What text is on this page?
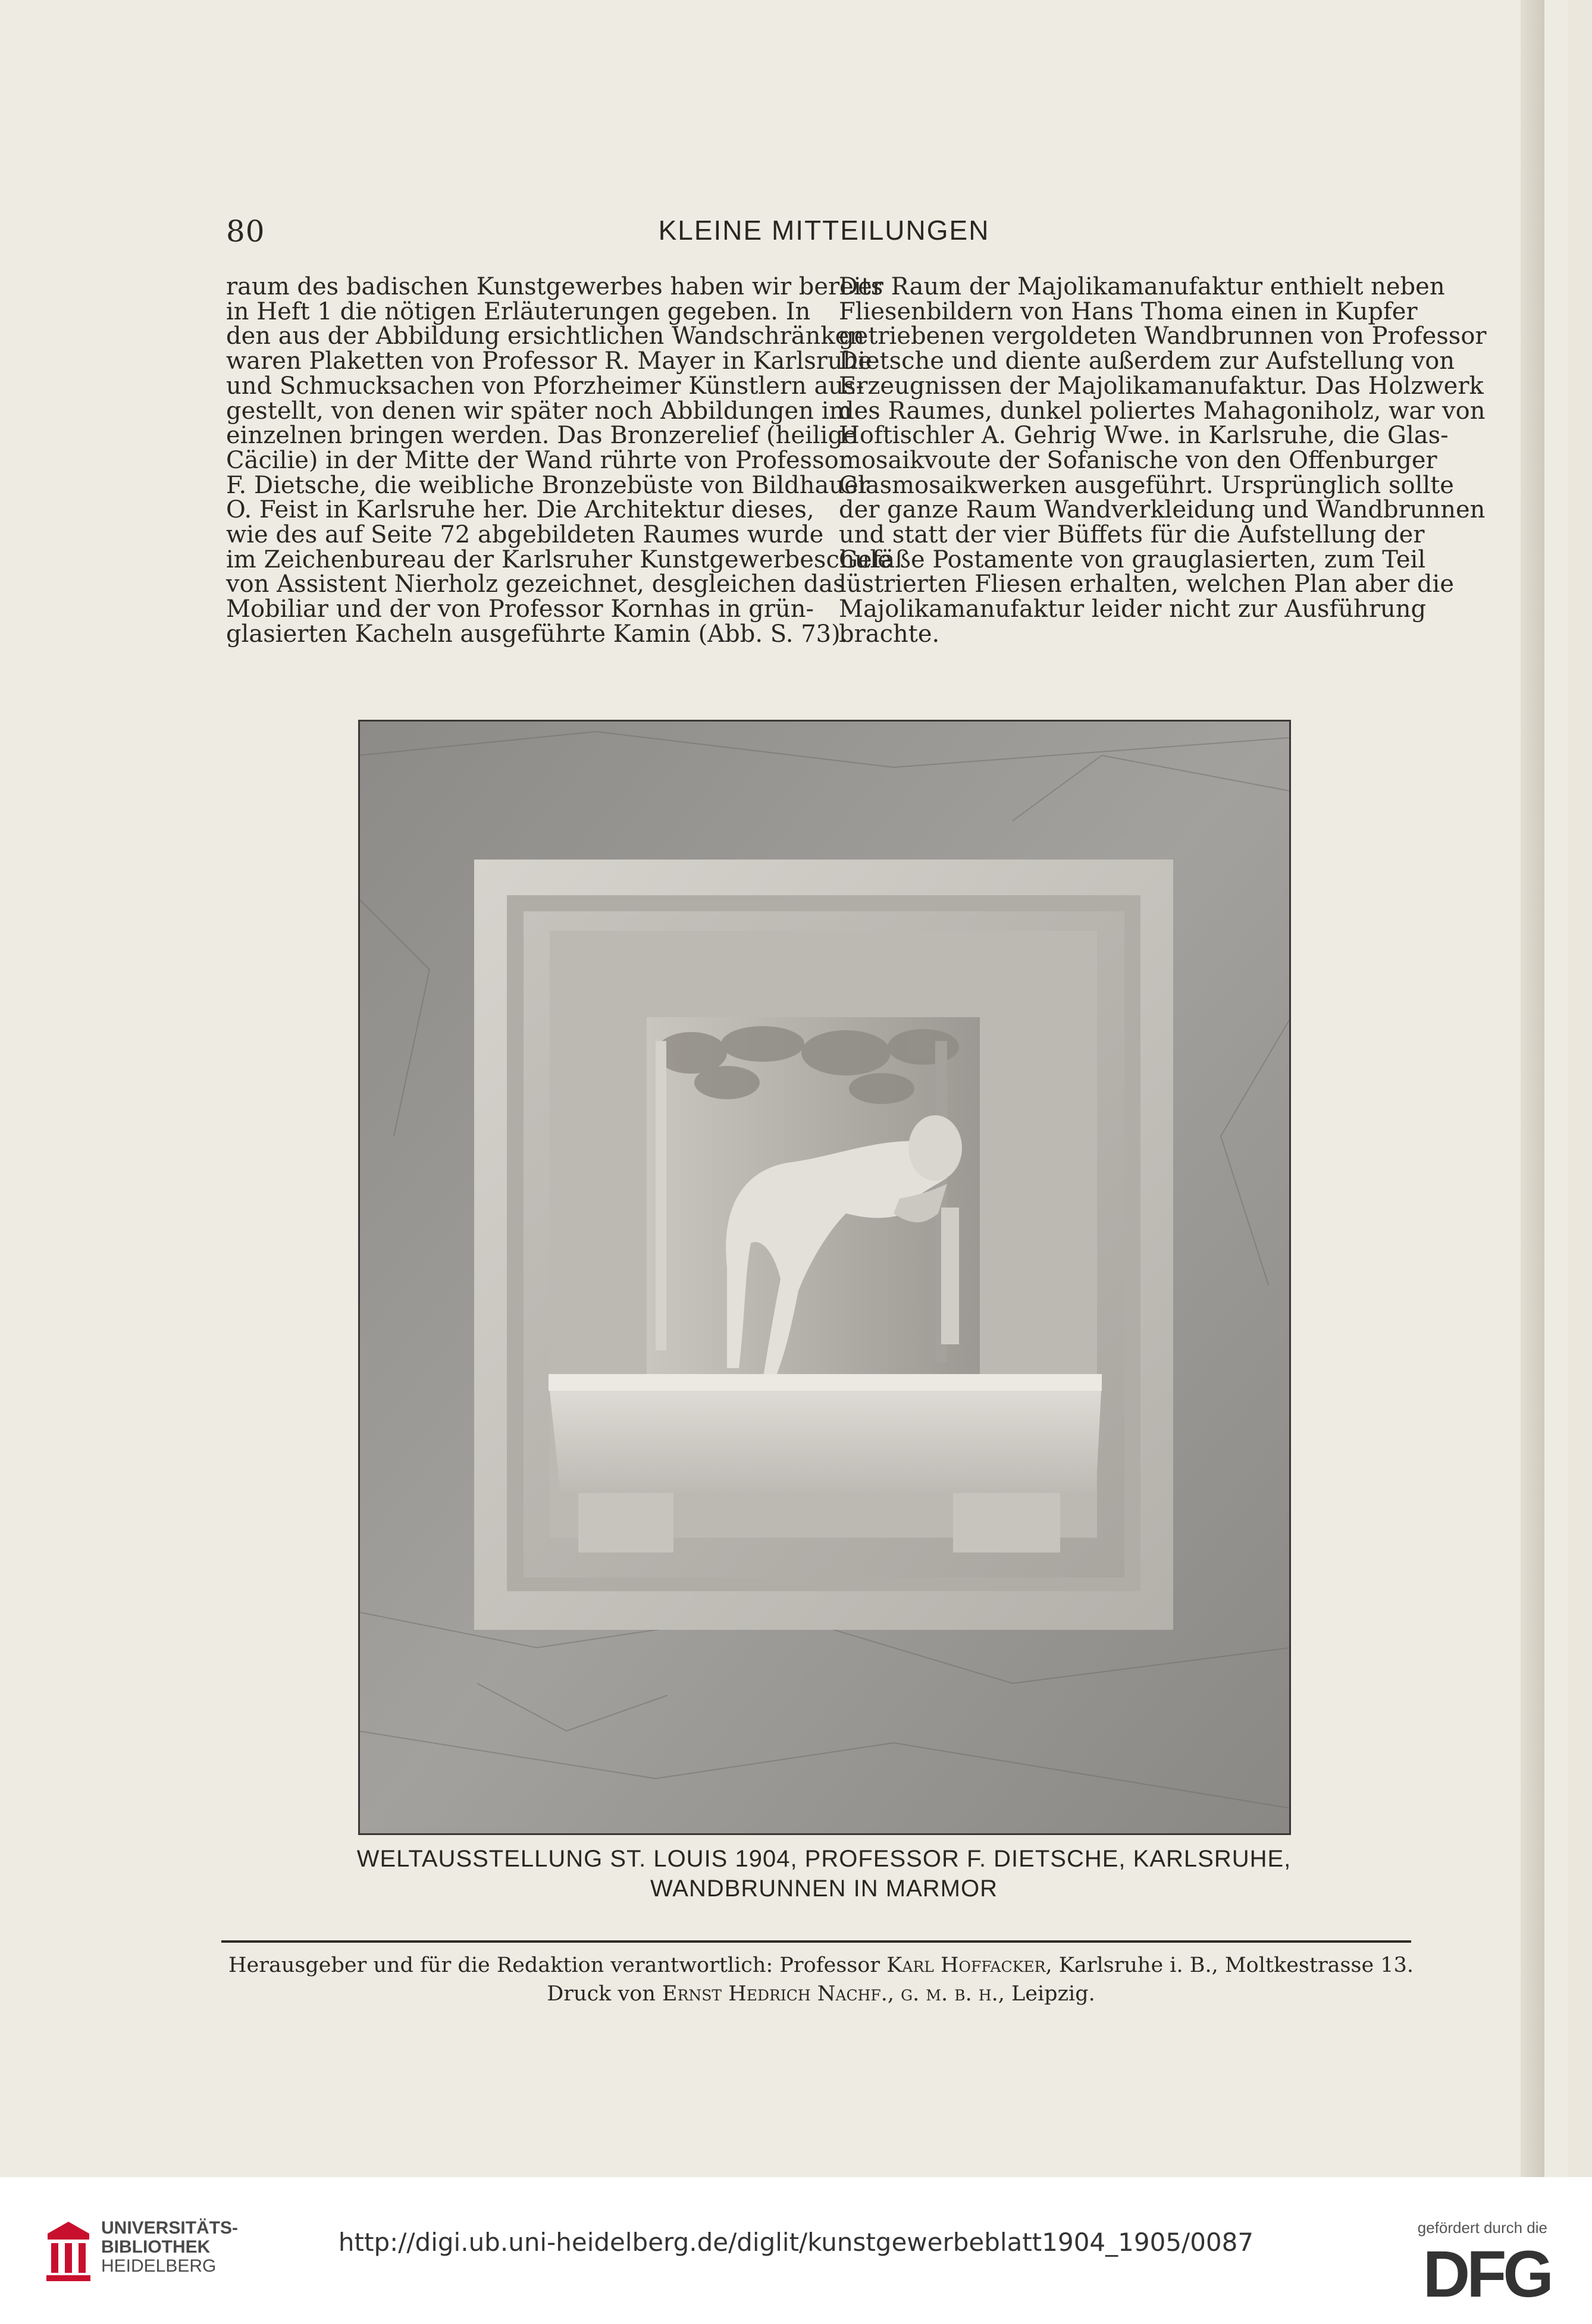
80	KLEINE MITTEILUNGEN

raum des badischen Kunstgewerbes haben wir bereits
in Heft 1 die nötigen Erläuterungen gegeben. In
den aus der Abbildung ersichtlichen Wandschränken
waren Plaketten von Professor R. Mayer in Karlsruhe
und Schmucksachen von Pforzheimer Künstlern aus-
gestellt, von denen wir später noch Abbildungen im
einzelnen bringen werden. Das Bronzerelief (heilige
Cäcilie) in der Mitte der Wand rührte von Professor
F. Dietsche, die weibliche Bronzebüste von Bildhauer
O. Feist in Karlsruhe her. Die Architektur dieses,
wie des auf Seite 72 abgebildeten Raumes wurde
im Zeichenbureau der Karlsruher Kunstgewerbeschule
von Assistent Nierholz gezeichnet, desgleichen das
Mobiliar und der von Professor Kornhas in grün-
glasierten Kacheln ausgeführte Kamin (Abb. S. 73).

Der Raum der Majolikamanufaktur enthielt neben
Fliesenbildern von Hans Thoma einen in Kupfer
getriebenen vergoldeten Wandbrunnen von Professor
Dietsche und diente außerdem zur Aufstellung von
Erzeugnissen der Majolikamanufaktur. Das Holzwerk
des Raumes, dunkel poliertes Mahagoniholz, war von
Hoftischler A. Gehrig Wwe. in Karlsruhe, die Glas-
mosaikvoute der Sofanische von den Offenburger
Glasmosaikwerken ausgeführt. Ursprünglich sollte
der ganze Raum Wandverkleidung und Wandbrunnen
und statt der vier Büffets für die Aufstellung der
Gefäße Postamente von grauglasierten, zum Teil
lüstrierten Fliesen erhalten, welchen Plan aber die
Majolikamanufaktur leider nicht zur Ausführung
brachte.

WELTAUSSTELLUNG ST. LOUIS 1904, PROFESSOR F. DIETSCHE, KARLSRUHE,
WANDBRUNNEN IN MARMOR
Herausgeber und für die Redaktion verantwortlich: Professor Karl Hoffacker, Karlsruhe i. B., Moltkestrasse 13.
Druck von Ernst Hedrich Nachf., g. m. b. h., Leipzig.
UNIVERSITÄTS-
BIBLIOTHEK
HEIDELBERG
http://digi.ub.uni-heidelberg.de/diglit/kunstgewerbeblatt1904_1905/0087	gefördert durch die
DFG
